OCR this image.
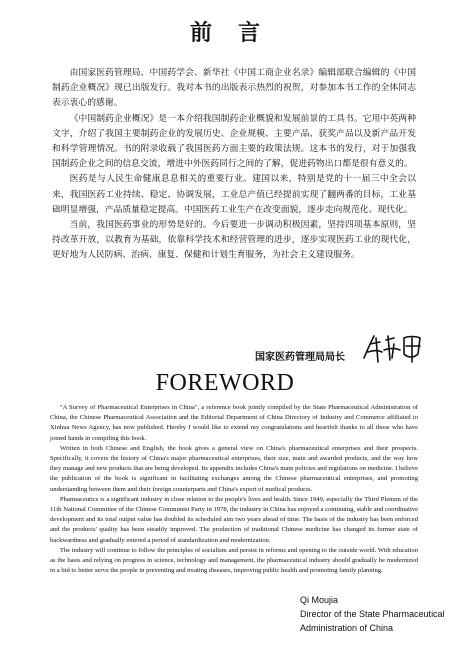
前言

由国家医药管理局、中国药学会、新华社《中国工商企业名录》编辑部联合编辑的《中国制药企业概况》现已出版发行。我对本书的出版表示热烈的祝贺，对参加本书工作的全体同志表示衷心的感谢。

《中国制药企业概况》是一本介绍我国制药企业概貌和发展前景的工具书。它用中英两种文字，介绍了我国主要制药企业的发展历史、企业规模、主要产品、获奖产品以及新产品开发和科学管理情况。书的附录收载了我国医药方面主要的政策法规。这本书的发行，对于加强我国制药企业之间的信息交流，增进中外医药同行之间的了解，促进药物出口都是很有意义的。

医药是与人民生命健康息息相关的重要行业。建国以来，特别是党的十一届三中全会以来，我国医药工业持续、稳定、协调发展，工业总产值已经提前实现了翻两番的目标，工业基础明显增强，产品质量稳定提高。中国医药工业生产在改变面貌，逐步走向规范化、现代化。

当前，我国医药事业的形势是好的。今后要进一步调动积极因素，坚持四项基本原则，坚持改革开放，以教育为基础，依靠科学技术和经营管理的进步，逐步实现医药工业的现代化，更好地为人民防病、治病、康复、保健和计划生育服务，为社会主义建设服务。

国家医药管理局局长
FOREWORD

"A Survey of Pharmaceutical Enterprises in China", a reference book jointly compiled by the State Pharmaceutical Administration of China, the Chinese Pharmaceutical Association and the Editorial Department of China Directory of Industry and Commerce affiliated to Xinhua News Agency, has now published. Hereby I would like to extend my congratulations and heartfelt thanks to all those who have joined hands in compiling this book.

Written in both Chinese and English, the book gives a general view on China's pharmaceutical enterprises and their prospects. Specifically, it covers the history of China's major pharmaceutical enterprises, their size, main and awarded products, and the way how they manage and new products that are being developed. Its appendix includes China's main policies and regulations on medicine. I believe the publication of the book is significant in facilitating exchanges among the Chinese pharmaceutical enterprises, and promoting understanding between them and their foreign counterparts and China's export of medical products.

Pharmaceutics is a significant industry in close relation to the people's lives and health. Since 1949, especially the Third Plenum of the 11th National Committee of the Chinese Communist Party in 1978, the industry in China has enjoyed a continuing, stable and coordinative development and its total output value has doubled its scheduled aim two years ahead of time. The basis of the industry has been enforced and the products' quality has been steadily improved. The production of traditional Chinese medicine has changed its former state of backwardness and gradually entered a period of standardization and modernization.

The industry will continue to follow the principles of socialism and persist in reforms and opening to the outside world. With education as the basis and relying on progress in science, technology and management, the pharmaceutical industry should gradually be modernized in a bid to better serve the people in preventing and treating diseases, improving public health and promoting family planning.

Qi Moujia
Director of the State Pharmaceutical
Administration of China
